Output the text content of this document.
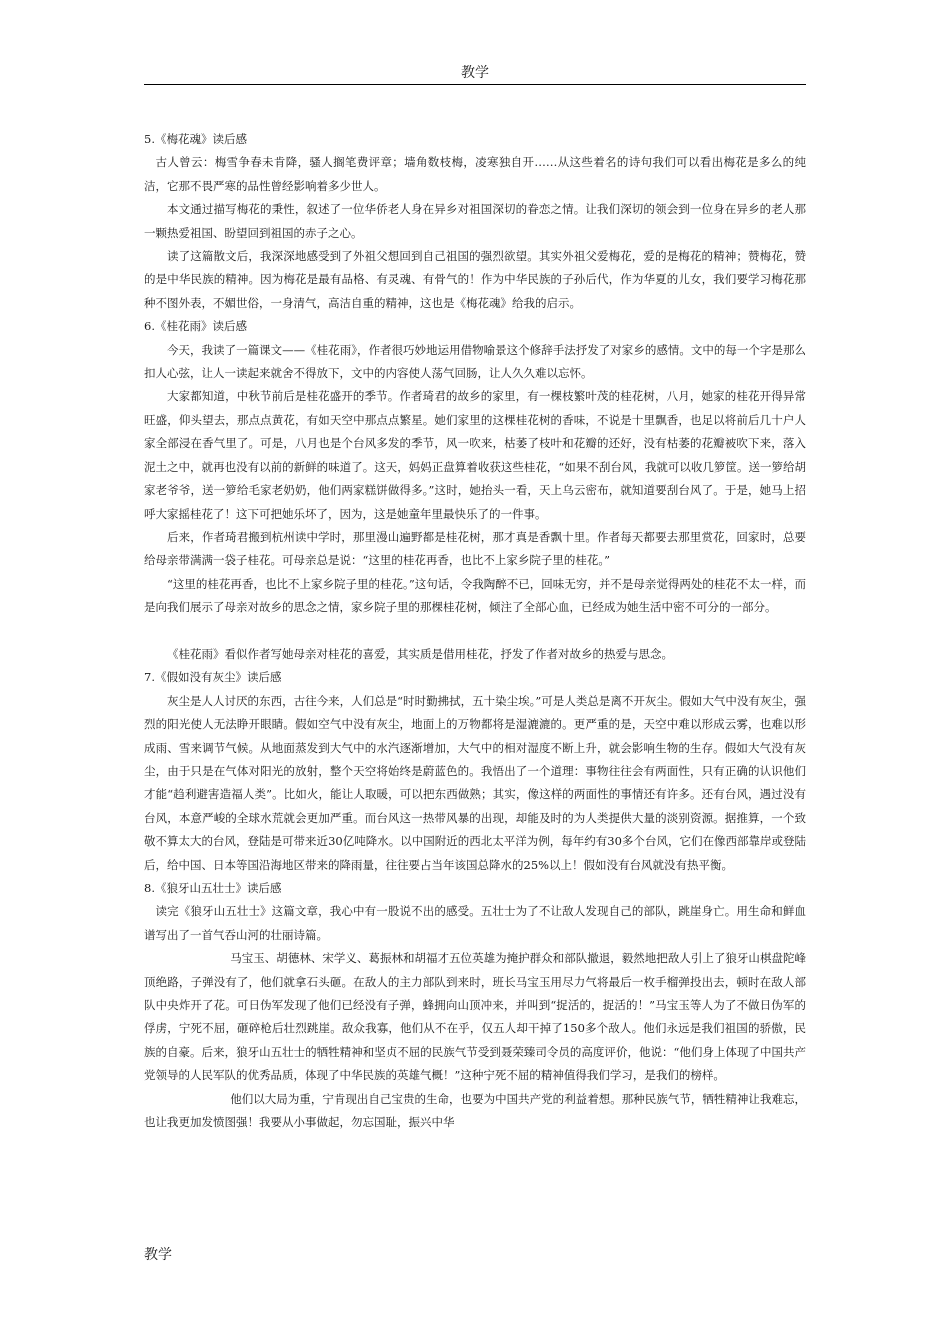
教学

5.《梅花魂》读后感

古人曾云：梅雪争春未肯降，骚人搁笔费评章；墙角数枝梅，凌寒独自开……从这些着名的诗句我们可以看出梅花是多么的纯洁，它那不畏严寒的品性曾经影响着多少世人。

本文通过描写梅花的秉性，叙述了一位华侨老人身在异乡对祖国深切的眷恋之情。让我们深切的领会到一位身在异乡的老人那一颗热爱祖国、盼望回到祖国的赤子之心。

读了这篇散文后，我深深地感受到了外祖父想回到自己祖国的强烈欲望。其实外祖父爱梅花，爱的是梅花的精神；赞梅花，赞的是中华民族的精神。因为梅花是最有品格、有灵魂、有骨气的！作为中华民族的子孙后代，作为华夏的儿女，我们要学习梅花那种不图外表，不媚世俗，一身清气，高洁自重的精神，这也是《梅花魂》给我的启示。

6.《桂花雨》读后感

今天，我读了一篇课文——《桂花雨》，作者很巧妙地运用借物喻景这个修辞手法抒发了对家乡的感情。文中的每一个字是那么扣人心弦，让人一读起来就舍不得放下，文中的内容使人荡气回肠，让人久久难以忘怀。

大家都知道，中秋节前后是桂花盛开的季节。作者琦君的故乡的家里，有一棵枝繁叶茂的桂花树，八月，她家的桂花开得异常旺盛，仰头望去，那点点黄花，有如天空中那点点繁星。她们家里的这棵桂花树的香味，不说是十里飘香，也足以将前后几十户人家全部浸在香气里了。可是，八月也是个台风多发的季节，风一吹来，枯萎了枝叶和花瓣的还好，没有枯萎的花瓣被吹下来，落入泥土之中，就再也没有以前的新鲜的味道了。这天，妈妈正盘算着收获这些桂花，“如果不刮台风，我就可以收几箩筐。送一箩给胡家老爷爷，送一箩给毛家老奶奶，他们两家糕饼做得多。”这时，她抬头一看，天上乌云密布，就知道要刮台风了。于是，她马上招呼大家摇桂花了！这下可把她乐坏了，因为，这是她童年里最快乐了的一件事。

后来，作者琦君搬到杭州读中学时，那里漫山遍野都是桂花树，那才真是香飘十里。作者每天都要去那里赏花，回家时，总要给母亲带满满一袋子桂花。可母亲总是说：“这里的桂花再香，也比不上家乡院子里的桂花。”

“这里的桂花再香，也比不上家乡院子里的桂花。”这句话，令我陶醉不已，回味无穷，并不是母亲觉得两处的桂花不太一样，而是向我们展示了母亲对故乡的思念之情，家乡院子里的那棵桂花树，倾注了全部心血，已经成为她生活中密不可分的一部分。

《桂花雨》看似作者写她母亲对桂花的喜爱，其实质是借用桂花，抒发了作者对故乡的热爱与思念。

7.《假如没有灰尘》读后感

灰尘是人人讨厌的东西，古往今来，人们总是“时时勤拂拭，五十染尘埃。”可是人类总是离不开灰尘。假如大气中没有灰尘，强烈的阳光使人无法睁开眼睛。假如空气中没有灰尘，地面上的万物都将是湿漉漉的。更严重的是，天空中难以形成云雾，也难以形成雨、雪来调节气候。从地面蒸发到大气中的水汽逐渐增加，大气中的相对湿度不断上升，就会影响生物的生存。假如大气没有灰尘，由于只是在气体对阳光的放射，整个天空将始终是蔚蓝色的。我悟出了一个道理：事物往往会有两面性，只有正确的认识他们才能“趋利避害造福人类”。比如火，能让人取暖，可以把东西做熟；其实，像这样的两面性的事情还有许多。还有台风，遇过没有台风，本意严峻的全球水荒就会更加严重。而台风这一热带风暴的出现，却能及时的为人类提供大量的淡别资源。据推算，一个致敬不算太大的台风，登陆是可带来近30亿吨降水。以中国附近的西北太平洋为例，每年约有30多个台风，它们在像西部靠岸或登陆后，给中国、日本等国沿海地区带来的降雨量，往往要占当年该国总降水的25%以上！假如没有台风就没有热平衡。

8.《狼牙山五壮士》读后感

读完《狼牙山五壮士》这篇文章，我心中有一股说不出的感受。五壮士为了不让敌人发现自己的部队，跳崖身亡。用生命和鲜血谱写出了一首气吞山河的壮丽诗篇。

马宝玉、胡德林、宋学义、葛振林和胡福才五位英雄为掩护群众和部队撤退，毅然地把敌人引上了狼牙山棋盘陀峰顶绝路，子弹没有了，他们就拿石头砸。在敌人的主力部队到来时，班长马宝玉用尽力气将最后一枚手榴弹投出去，顿时在敌人部队中央炸开了花。可日伪军发现了他们已经没有子弹，蜂拥向山顶冲来，并叫到“捉活的，捉活的！”马宝玉等人为了不做日伪军的俘虏，宁死不屈，砸碎枪后壮烈跳崖。敌众我寡，他们从不在乎，仅五人却干掉了150多个敌人。他们永远是我们祖国的骄傲，民族的自豪。后来，狼牙山五壮士的牺牲精神和坚贞不屈的民族气节受到聂荣臻司令员的高度评价，他说：“他们身上体现了中国共产党领导的人民军队的优秀品质，体现了中华民族的英雄气概！”这种宁死不屈的精神值得我们学习，是我们的榜样。

他们以大局为重，宁肯现出自己宝贵的生命，也要为中国共产党的利益着想。那种民族气节，牺牲精神让我难忘，也让我更加发愤图强！我要从小事做起，勿忘国耻，振兴中华

教学
